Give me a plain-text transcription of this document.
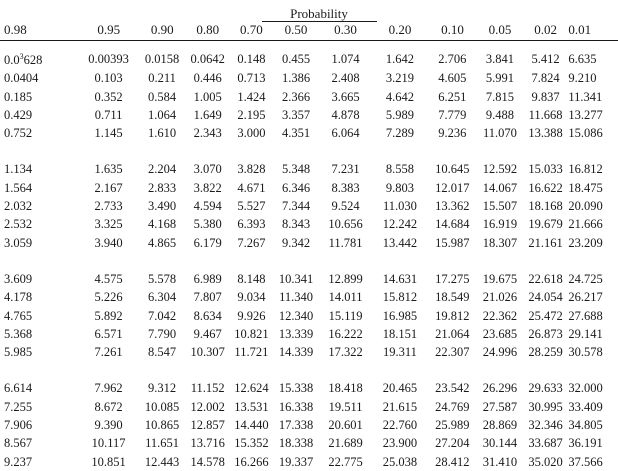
Probability
0.98	0.95	0.90	0.80	0.70	0.50	0.30	0.20	0.10	0.05	0.02	0.01
$0.0^3628$	0.00393	0.0158	0.0642	0.148	0.455	1.074	1.642	2.706	3.841	5.412	6.635
0.0404	0.103	0.211	0.446	0.713	1.386	2.408	3.219	4.605	5.991	7.824	9.210
0.185	0.352	0.584	1.005	1.424	2.366	3.665	4.642	6.251	7.815	9.837	11.341
0.429	0.711	1.064	1.649	2.195	3.357	4.878	5.989	7.779	9.488	11.668	13.277
0.752	1.145	1.610	2.343	3.000	4.351	6.064	7.289	9.236	11.070	13.388	15.086

1.134	1.635	2.204	3.070	3.828	5.348	7.231	8.558	10.645	12.592	15.033	16.812
1.564	2.167	2.833	3.822	4.671	6.346	8.383	9.803	12.017	14.067	16.622	18.475
2.032	2.733	3.490	4.594	5.527	7.344	9.524	11.030	13.362	15.507	18.168	20.090
2.532	3.325	4.168	5.380	6.393	8.343	10.656	12.242	14.684	16.919	19.679	21.666
3.059	3.940	4.865	6.179	7.267	9.342	11.781	13.442	15.987	18.307	21.161	23.209

3.609	4.575	5.578	6.989	8.148	10.341	12.899	14.631	17.275	19.675	22.618	24.725
4.178	5.226	6.304	7.807	9.034	11.340	14.011	15.812	18.549	21.026	24.054	26.217
4.765	5.892	7.042	8.634	9.926	12.340	15.119	16.985	19.812	22.362	25.472	27.688
5.368	6.571	7.790	9.467	10.821	13.339	16.222	18.151	21.064	23.685	26.873	29.141
5.985	7.261	8.547	10.307	11.721	14.339	17.322	19.311	22.307	24.996	28.259	30.578

6.614	7.962	9.312	11.152	12.624	15.338	18.418	20.465	23.542	26.296	29.633	32.000
7.255	8.672	10.085	12.002	13.531	16.338	19.511	21.615	24.769	27.587	30.995	33.409
7.906	9.390	10.865	12.857	14.440	17.338	20.601	22.760	25.989	28.869	32.346	34.805
8.567	10.117	11.651	13.716	15.352	18.338	21.689	23.900	27.204	30.144	33.687	36.191
9.237	10.851	12.443	14.578	16.266	19.337	22.775	25.038	28.412	31.410	35.020	37.566
